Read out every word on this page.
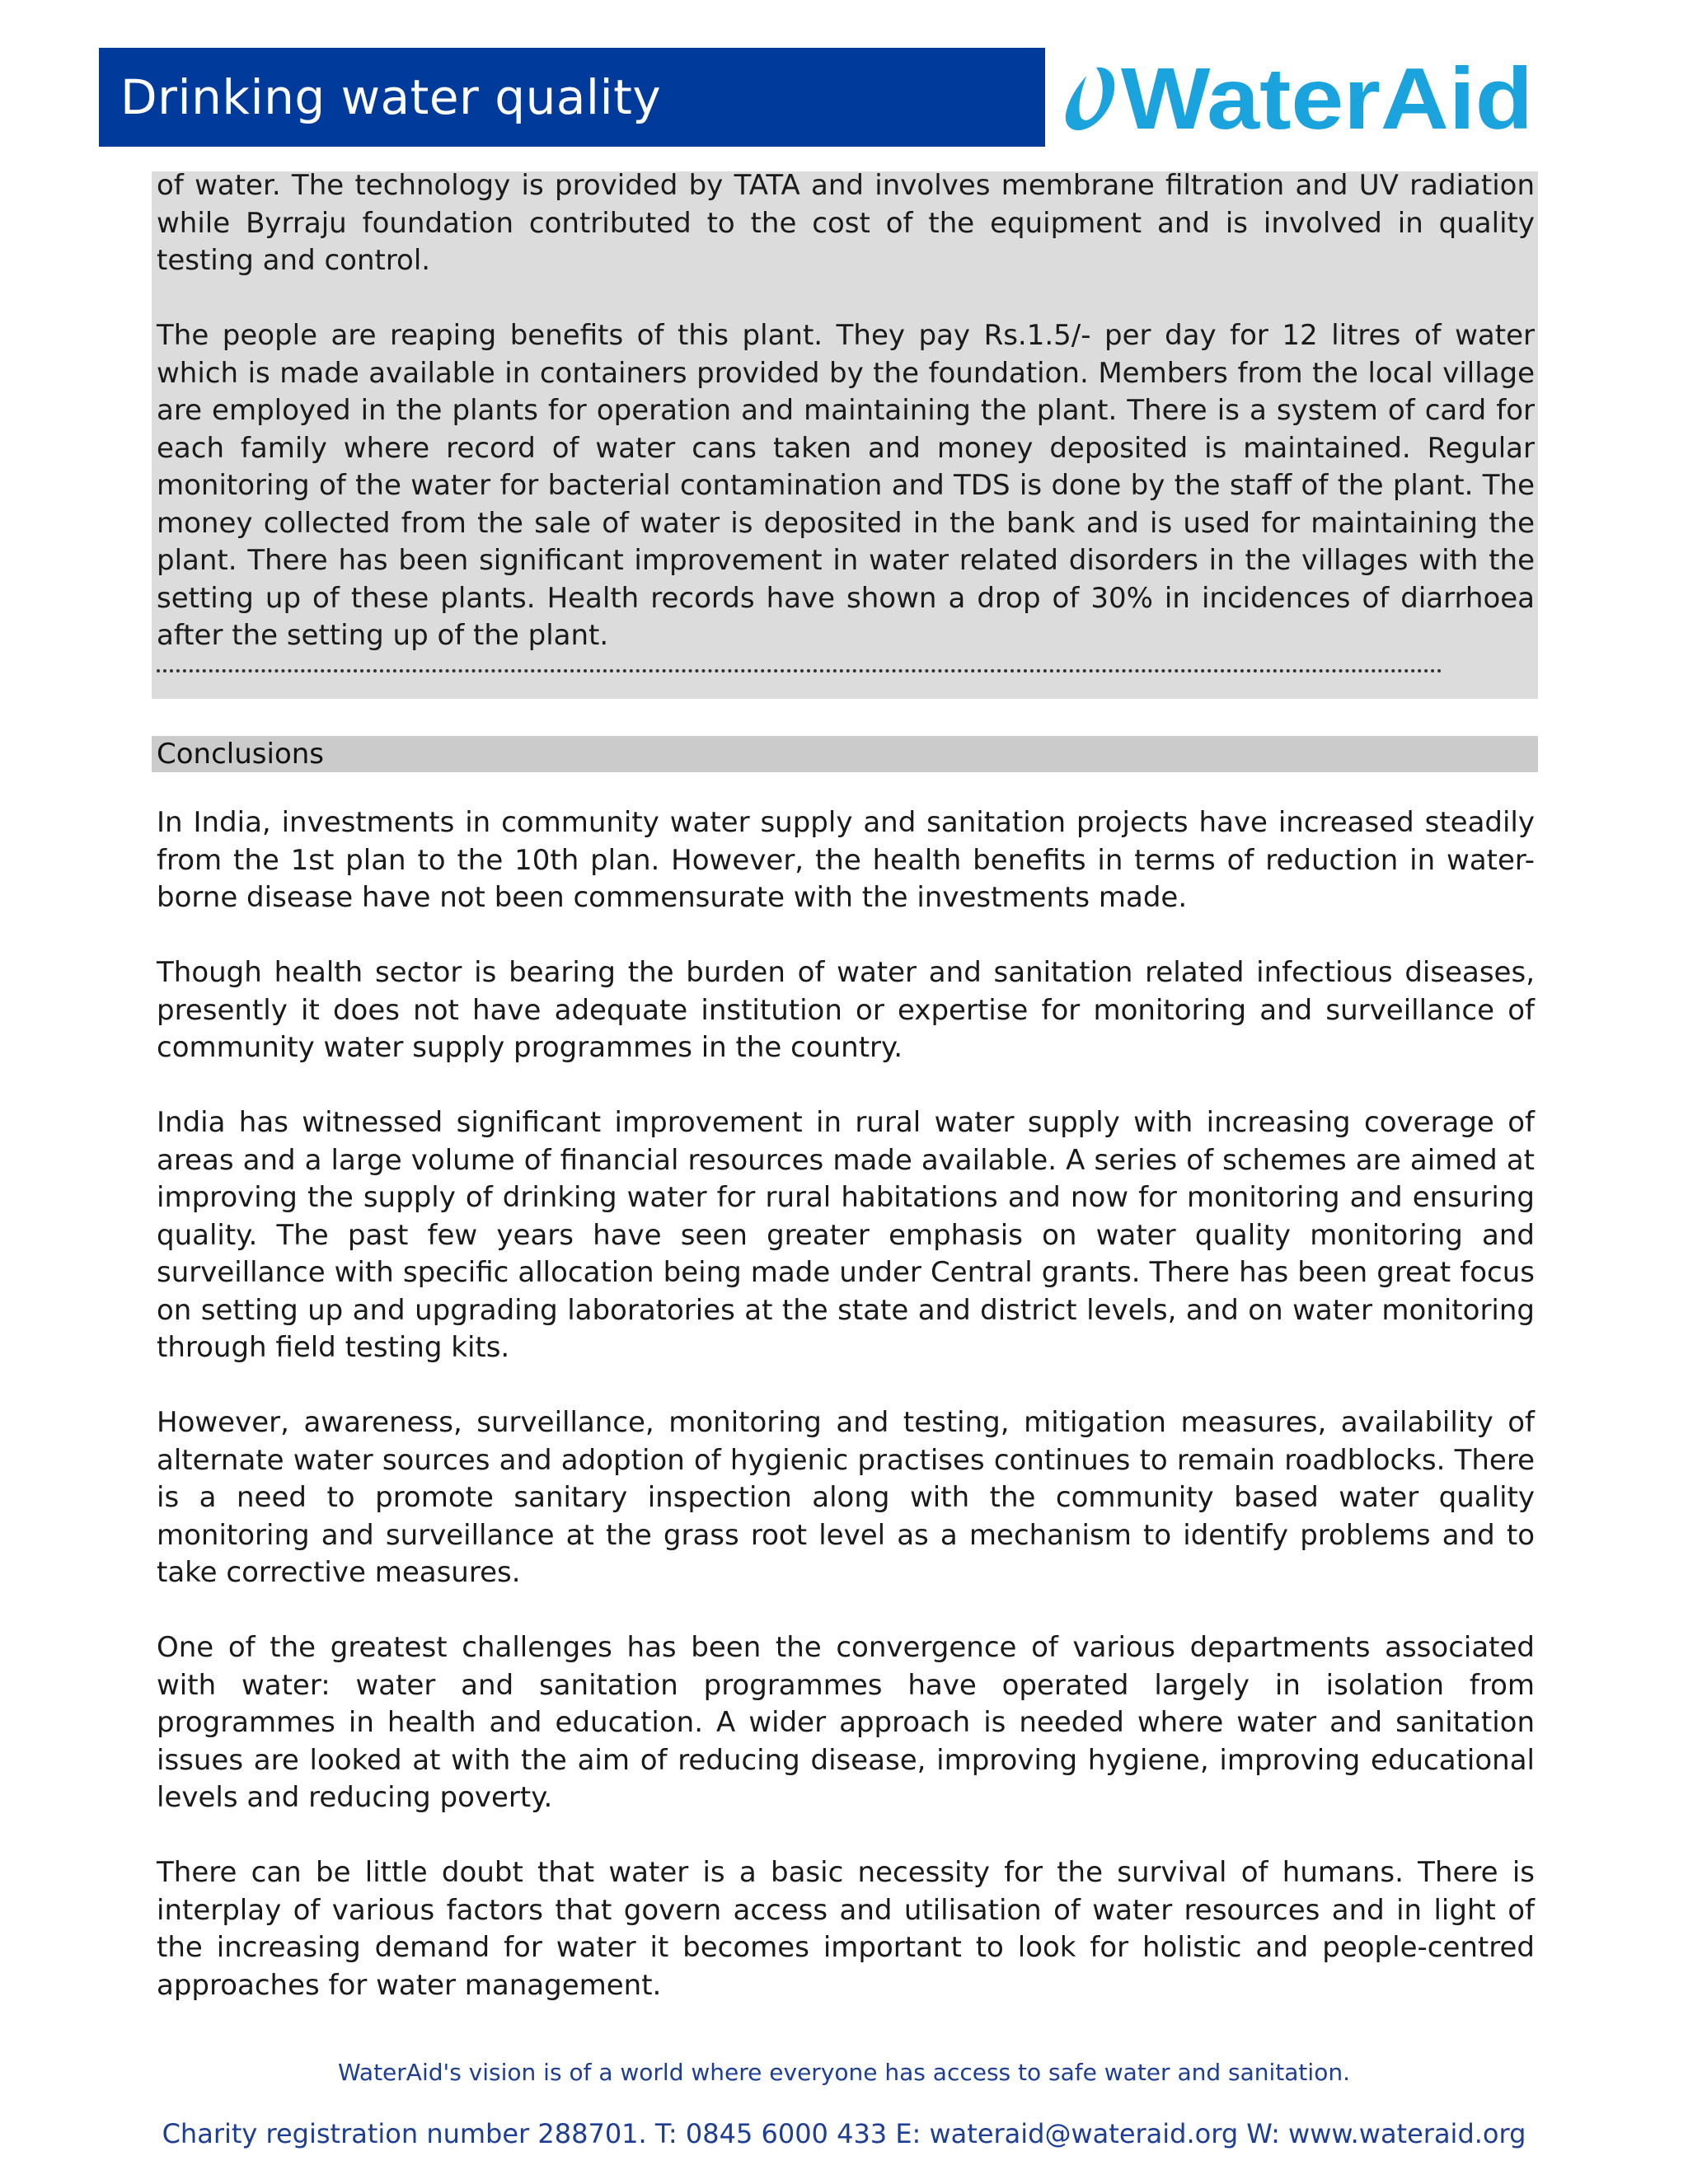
Drinking water quality	WaterAid

of water. The technology is provided by TATA and involves membrane filtration and UV radiation while Byrraju foundation contributed to the cost of the equipment and is involved in quality testing and control.

The people are reaping benefits of this plant. They pay Rs.1.5/- per day for 12 litres of water which is made available in containers provided by the foundation. Members from the local village are employed in the plants for operation and maintaining the plant. There is a system of card for each family where record of water cans taken and money deposited is maintained. Regular monitoring of the water for bacterial contamination and TDS is done by the staff of the plant. The money collected from the sale of water is deposited in the bank and is used for maintaining the plant. There has been significant improvement in water related disorders in the villages with the setting up of these plants. Health records have shown a drop of 30% in incidences of diarrhoea after the setting up of the plant.

Conclusions

In India, investments in community water supply and sanitation projects have increased steadily from the 1st plan to the 10th plan. However, the health benefits in terms of reduction in water-borne disease have not been commensurate with the investments made.

Though health sector is bearing the burden of water and sanitation related infectious diseases, presently it does not have adequate institution or expertise for monitoring and surveillance of community water supply programmes in the country.

India has witnessed significant improvement in rural water supply with increasing coverage of areas and a large volume of financial resources made available. A series of schemes are aimed at improving the supply of drinking water for rural habitations and now for monitoring and ensuring quality. The past few years have seen greater emphasis on water quality monitoring and surveillance with specific allocation being made under Central grants. There has been great focus on setting up and upgrading laboratories at the state and district levels, and on water monitoring through field testing kits.

However, awareness, surveillance, monitoring and testing, mitigation measures, availability of alternate water sources and adoption of hygienic practises continues to remain roadblocks. There is a need to promote sanitary inspection along with the community based water quality monitoring and surveillance at the grass root level as a mechanism to identify problems and to take corrective measures.

One of the greatest challenges has been the convergence of various departments associated with water: water and sanitation programmes have operated largely in isolation from programmes in health and education. A wider approach is needed where water and sanitation issues are looked at with the aim of reducing disease, improving hygiene, improving educational levels and reducing poverty.

There can be little doubt that water is a basic necessity for the survival of humans. There is interplay of various factors that govern access and utilisation of water resources and in light of the increasing demand for water it becomes important to look for holistic and people-centred approaches for water management.

WaterAid's vision is of a world where everyone has access to safe water and sanitation.
Charity registration number 288701. T: 0845 6000 433 E: wateraid@wateraid.org W: www.wateraid.org
